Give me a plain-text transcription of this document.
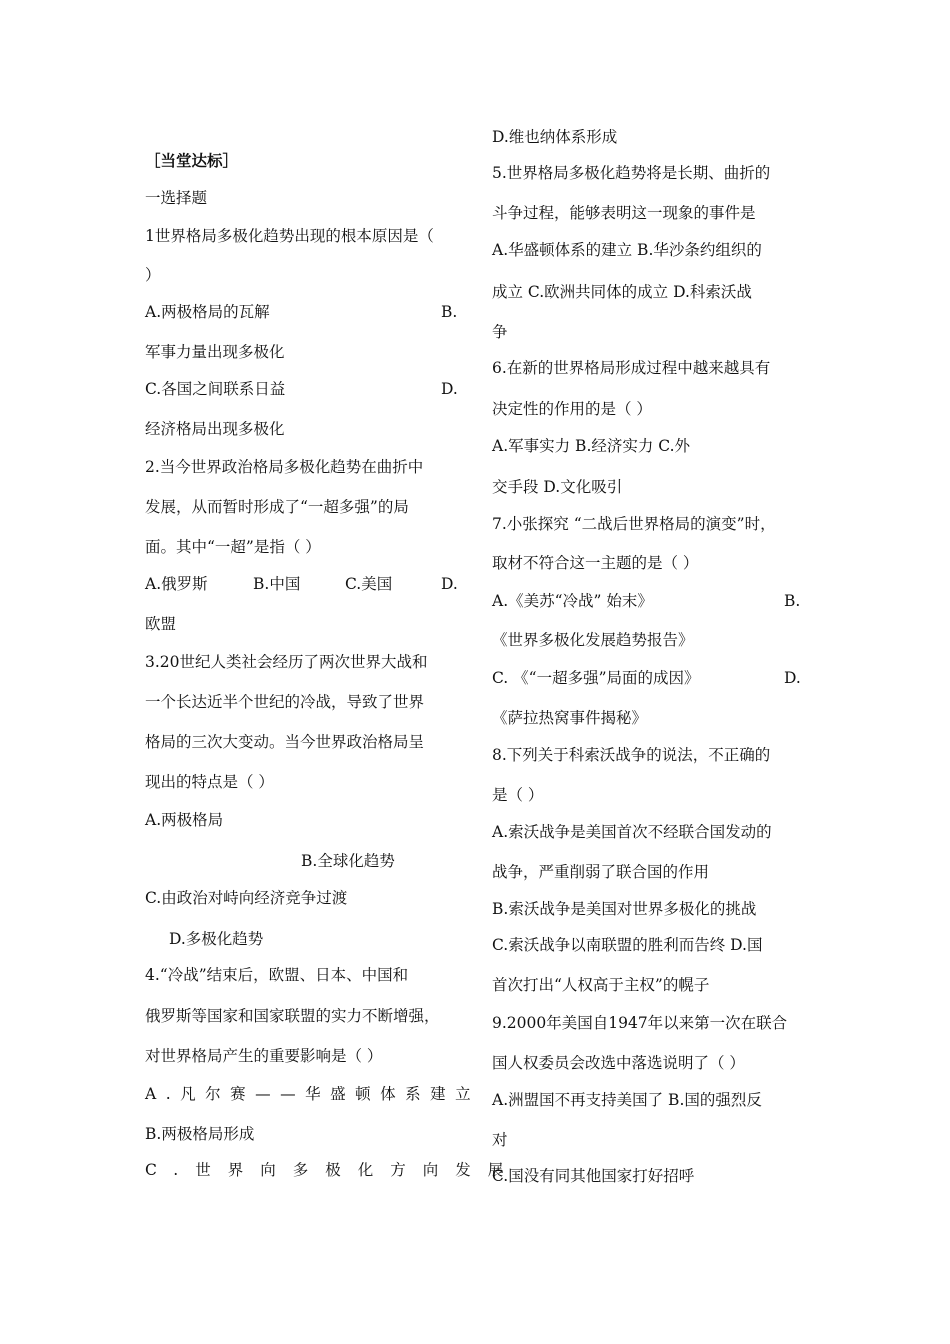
［当堂达标］
一选择题
1世界格局多极化趋势出现的根本原因是（
）
A.两极格局的瓦解	B.
军事力量出现多极化
C.各国之间联系日益	D.
经济格局出现多极化
2.当今世界政治格局多极化趋势在曲折中
发展，从而暂时形成了“一超多强”的局
面。其中“一超”是指（ ）
A.俄罗斯	B.中国	C.美国	D.
欧盟
3.20世纪人类社会经历了两次世界大战和
一个长达近半个世纪的冷战，导致了世界
格局的三次大变动。当今世界政治格局呈
现出的特点是（ ）
A.两极格局
B.全球化趋势
C.由政治对峙向经济竞争过渡
D.多极化趋势
4.“冷战”结束后，欧盟、日本、中国和
俄罗斯等国家和国家联盟的实力不断增强，
对世界格局产生的重要影响是（ ）
A.凡尔赛——华盛顿体系建立
B.两极格局形成
C.世界向多极化方向发展
D.维也纳体系形成
5.世界格局多极化趋势将是长期、曲折的
斗争过程，能够表明这一现象的事件是
A.华盛顿体系的建立 B.华沙条约组织的
成立 C.欧洲共同体的成立 D.科索沃战
争
6.在新的世界格局形成过程中越来越具有
决定性的作用的是（ ）
A.军事实力 B.经济实力 C.外
交手段 D.文化吸引
7.小张探究 “二战后世界格局的演变”时，
取材不符合这一主题的是（ ）
A.《美苏“冷战” 始末》	B.
《世界多极化发展趋势报告》
C. 《“一超多强”局面的成因》	D.
《萨拉热窝事件揭秘》
8.下列关于科索沃战争的说法，不正确的
是（ ）
A.索沃战争是美国首次不经联合国发动的
战争，严重削弱了联合国的作用
B.索沃战争是美国对世界多极化的挑战
C.索沃战争以南联盟的胜利而告终 D.国
首次打出“人权高于主权”的幌子
9.2000年美国自1947年以来第一次在联合
国人权委员会改选中落选说明了（ ）
A.洲盟国不再支持美国了 B.国的强烈反
对
C.国没有同其他国家打好招呼
